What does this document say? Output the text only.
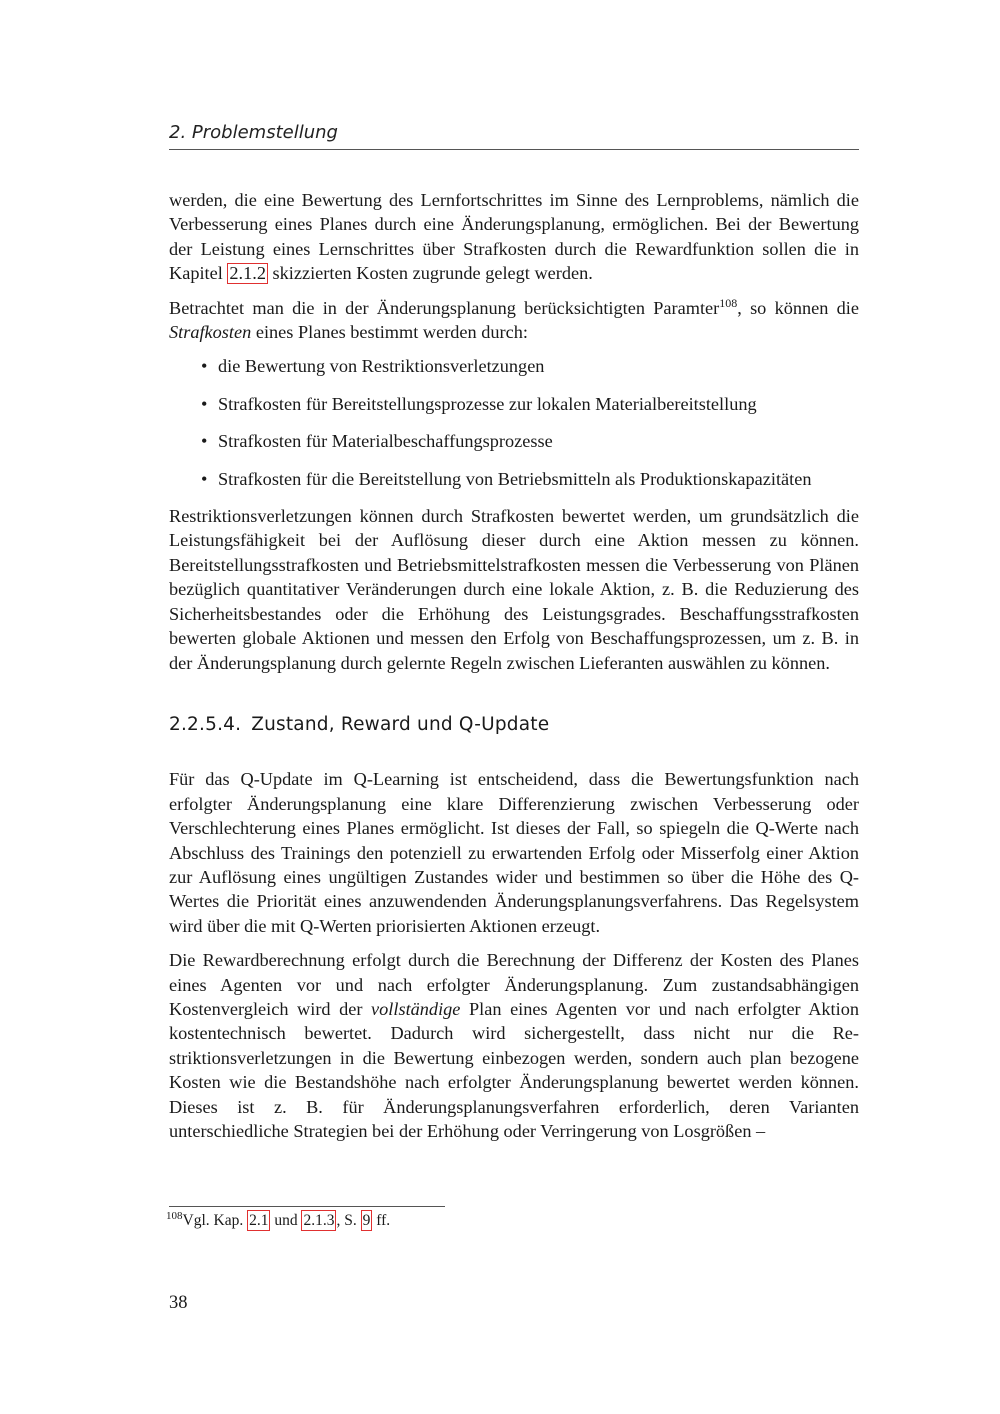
2. Problemstellung

werden, die eine Bewertung des Lernfortschrittes im Sinne des Lernproblems, nämlich die Verbesserung eines Planes durch eine Änderungsplanung, ermöglichen. Bei der Bewertung der Leistung eines Lernschrittes über Strafkosten durch die Rewardfunktion sollen die in Kapitel 2.1.2 skizzierten Kosten zugrunde gelegt werden.

Betrachtet man die in der Änderungsplanung berücksichtigten Paramter$^{108}$, so können die Strafkosten eines Planes bestimmt werden durch:

• die Bewertung von Restriktionsverletzungen
• Strafkosten für Bereitstellungsprozesse zur lokalen Materialbereitstellung
• Strafkosten für Materialbeschaffungsprozesse
• Strafkosten für die Bereitstellung von Betriebsmitteln als Produktionskapazitäten

Restriktionsverletzungen können durch Strafkosten bewertet werden, um grundsätzlich die Leistungsfähigkeit bei der Auflösung dieser durch eine Aktion messen zu können. Bereitstellungsstrafkosten und Betriebsmittelstrafkosten messen die Verbesserung von Plänen bezüglich quantitativer Veränderungen durch eine lokale Aktion, z. B. die Reduzierung des Sicherheitsbestandes oder die Erhöhung des Leistungsgrades. Beschaffungsstrafkosten bewerten globale Aktionen und messen den Erfolg von Beschaffungsprozessen, um z. B. in der Änderungsplanung durch gelernte Regeln zwischen Lieferanten auswählen zu können.

2.2.5.4. Zustand, Reward und Q-Update

Für das Q-Update im Q-Learning ist entscheidend, dass die Bewertungsfunktion nach erfolgter Änderungsplanung eine klare Differenzierung zwischen Verbesserung oder Verschlechterung eines Planes ermöglicht. Ist dieses der Fall, so spiegeln die Q-Werte nach Abschluss des Trainings den potenziell zu erwartenden Erfolg oder Misserfolg einer Aktion zur Auflösung eines ungültigen Zustandes wider und bestimmen so über die Höhe des Q-Wertes die Priorität eines anzuwendenden Änderungsplanungsverfahrens. Das Regelsystem wird über die mit Q-Werten priorisierten Aktionen erzeugt.

Die Rewardberechnung erfolgt durch die Berechnung der Differenz der Kosten des Planes eines Agenten vor und nach erfolgter Änderungsplanung. Zum zustandsabhängigen Kostenvergleich wird der vollständige Plan eines Agenten vor und nach erfolgter Aktion kostentechnisch bewertet. Dadurch wird sichergestellt, dass nicht nur die Restriktionsverletzungen in die Bewertung einbezogen werden, sondern auch plan bezogene Kosten wie die Bestandshöhe nach erfolgter Änderungsplanung bewertet werden können. Dieses ist z. B. für Änderungsplanungsverfahren erforderlich, deren Varianten unterschiedliche Strategien bei der Erhöhung oder Verringerung von Losgrößen –

$^{108}$Vgl. Kap. 2.1 und 2.1.3 , S. 9 ff.
38
